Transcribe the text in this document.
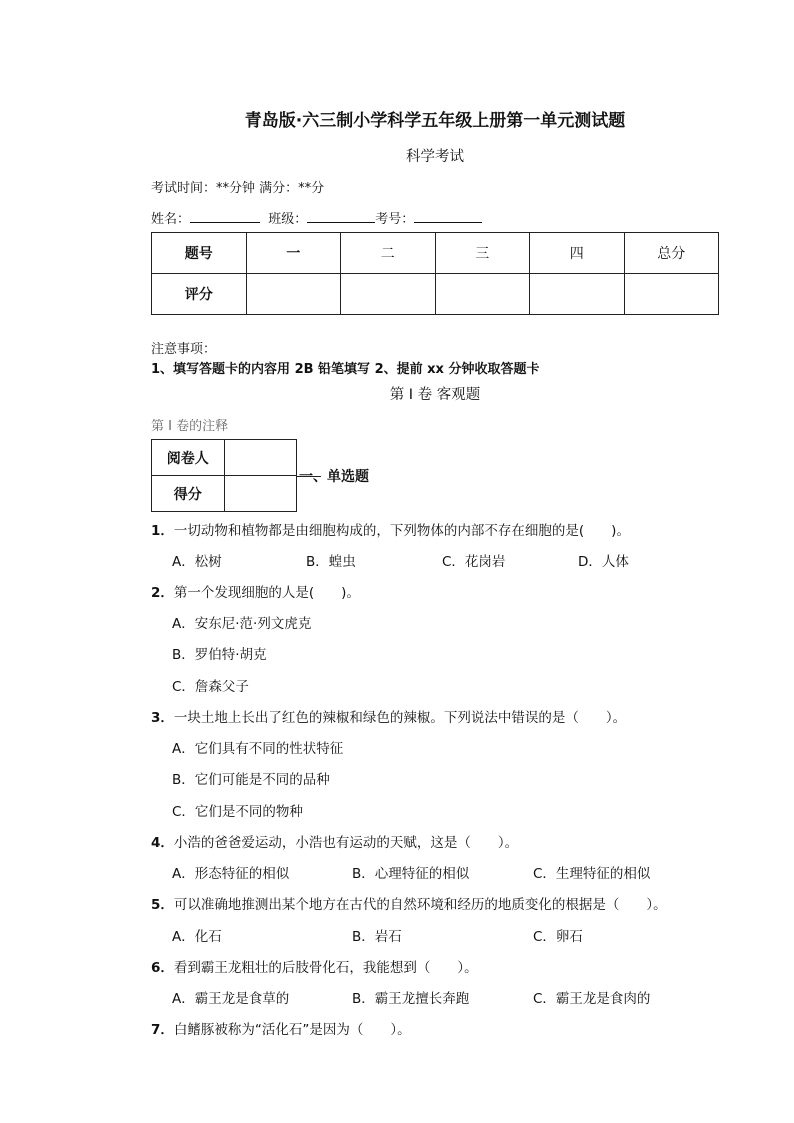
青岛版·六三制小学科学五年级上册第一单元测试题
科学考试
考试时间：**分钟 满分：**分
姓名：	班级：	考号：
题号	一	二	三	四	总分
评分					
注意事项：
1、填写答题卡的内容用 2B 铅笔填写 2、提前 xx 分钟收取答题卡
第 I 卷 客观题
第 I 卷的注释
阅卷人	
得分	
一、单选题
1．一切动物和植物都是由细胞构成的，下列物体的内部不存在细胞的是(　　)。
A．松树	B．蝗虫	C．花岗岩	D．人体
2．第一个发现细胞的人是(　　)。
A．安东尼·范·列文虎克
B．罗伯特·胡克
C．詹森父子
3．一块土地上长出了红色的辣椒和绿色的辣椒。下列说法中错误的是（　　）。
A．它们具有不同的性状特征
B．它们可能是不同的品种
C．它们是不同的物种
4．小浩的爸爸爱运动，小浩也有运动的天赋，这是（　　）。
A．形态特征的相似	B．心理特征的相似	C．生理特征的相似
5．可以准确地推测出某个地方在古代的自然环境和经历的地质变化的根据是（　　）。
A．化石	B．岩石	C．卵石
6．看到霸王龙粗壮的后肢骨化石，我能想到（　　）。
A．霸王龙是食草的	B．霸王龙擅长奔跑	C．霸王龙是食肉的
7．白鳍豚被称为“活化石”是因为（　　）。
